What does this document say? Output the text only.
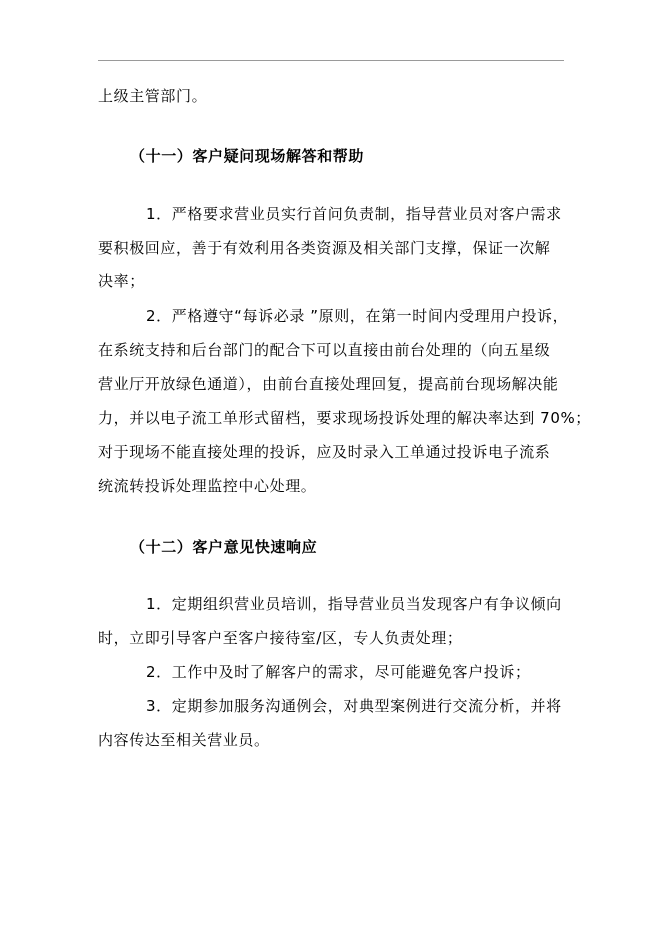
上级主管部门。
（十一）客户疑问现场解答和帮助
1．严格要求营业员实行首问负责制，指导营业员对客户需求
要积极回应，善于有效利用各类资源及相关部门支撑，保证一次解
决率；
2．严格遵守“每诉必录 ”原则，在第一时间内受理用户投诉，
在系统支持和后台部门的配合下可以直接由前台处理的（向五星级
营业厅开放绿色通道），由前台直接处理回复，提高前台现场解决能
力，并以电子流工单形式留档，要求现场投诉处理的解决率达到 70%；
对于现场不能直接处理的投诉，应及时录入工单通过投诉电子流系
统流转投诉处理监控中心处理。
（十二）客户意见快速响应
1．定期组织营业员培训，指导营业员当发现客户有争议倾向
时，立即引导客户至客户接待室/区，专人负责处理；
2．工作中及时了解客户的需求，尽可能避免客户投诉；
3．定期参加服务沟通例会，对典型案例进行交流分析，并将
内容传达至相关营业员。
